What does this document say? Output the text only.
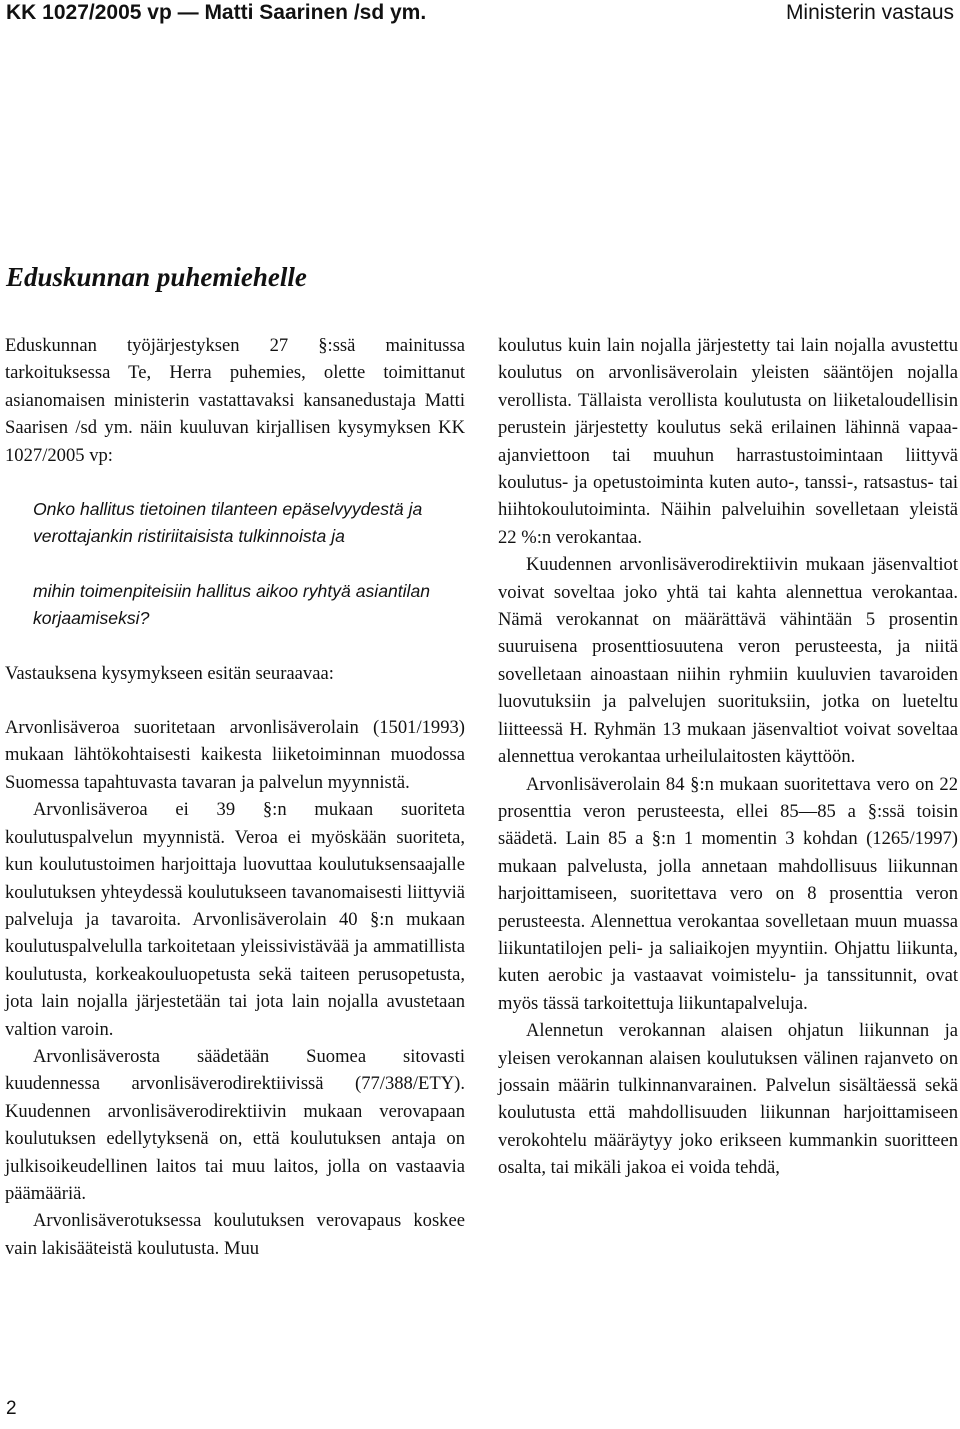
KK 1027/2005 vp — Matti Saarinen /sd ym.	Ministerin vastaus
Eduskunnan puhemiehelle

Eduskunnan työjärjestyksen 27 §:ssä mainitussa tarkoituksessa Te, Herra puhemies, olette toimittanut asianomaisen ministerin vastattavaksi kansanedustaja Matti Saarisen /sd ym. näin kuuluvan kirjallisen kysymyksen KK 1027/2005 vp:

Onko hallitus tietoinen tilanteen epäselvyydestä ja verottajankin ristiriitaisista tulkinnoista ja

mihin toimenpiteisiin hallitus aikoo ryhtyä asiantilan korjaamiseksi?

Vastauksena kysymykseen esitän seuraavaa:

Arvonlisäveroa suoritetaan arvonlisäverolain (1501/1993) mukaan lähtökohtaisesti kaikesta liiketoiminnan muodossa Suomessa tapahtuvasta tavaran ja palvelun myynnistä.

Arvonlisäveroa ei 39 §:n mukaan suoriteta koulutuspalvelun myynnistä. Veroa ei myöskään suoriteta, kun koulutustoimen harjoittaja luovuttaa koulutuksensaajalle koulutuksen yhteydessä koulutukseen tavanomaisesti liittyviä palveluja ja tavaroita. Arvonlisäverolain 40 §:n mukaan koulutuspalvelulla tarkoitetaan yleissivistävää ja ammatillista koulutusta, korkeakouluopetusta sekä taiteen perusopetusta, jota lain nojalla järjestetään tai jota lain nojalla avustetaan valtion varoin.

Arvonlisäverosta säädetään Suomea sitovasti kuudennessa arvonlisäverodirektiivissä (77/388/ETY). Kuudennen arvonlisäverodirektiivin mukaan verovapaan koulutuksen edellytyksenä on, että koulutuksen antaja on julkisoikeudellinen laitos tai muu laitos, jolla on vastaavia päämääriä.

Arvonlisäverotuksessa koulutuksen verovapaus koskee vain lakisääteistä koulutusta. Muu

koulutus kuin lain nojalla järjestetty tai lain nojalla avustettu koulutus on arvonlisäverolain yleisten sääntöjen nojalla verollista. Tällaista verollista koulutusta on liiketaloudellisin perustein järjestetty koulutus sekä erilainen lähinnä vapaa-ajanviettoon tai muuhun harrastustoimintaan liittyvä koulutus- ja opetustoiminta kuten auto-, tanssi-, ratsastus- tai hiihtokoulutoiminta. Näihin palveluihin sovelletaan yleistä 22 %:n verokantaa.

Kuudennen arvonlisäverodirektiivin mukaan jäsenvaltiot voivat soveltaa joko yhtä tai kahta alennettua verokantaa. Nämä verokannat on määrättävä vähintään 5 prosentin suuruisena prosenttiosuutena veron perusteesta, ja niitä sovelletaan ainoastaan niihin ryhmiin kuuluvien tavaroiden luovutuksiin ja palvelujen suorituksiin, jotka on lueteltu liitteessä H. Ryhmän 13 mukaan jäsenvaltiot voivat soveltaa alennettua verokantaa urheilulaitosten käyttöön.

Arvonlisäverolain 84 §:n mukaan suoritettava vero on 22 prosenttia veron perusteesta, ellei 85—85 a §:ssä toisin säädetä. Lain 85 a §:n 1 momentin 3 kohdan (1265/1997) mukaan palvelusta, jolla annetaan mahdollisuus liikunnan harjoittamiseen, suoritettava vero on 8 prosenttia veron perusteesta. Alennettua verokantaa sovelletaan muun muassa liikuntatilojen peli- ja saliaikojen myyntiin. Ohjattu liikunta, kuten aerobic ja vastaavat voimistelu- ja tanssitunnit, ovat myös tässä tarkoitettuja liikuntapalveluja.

Alennetun verokannan alaisen ohjatun liikunnan ja yleisen verokannan alaisen koulutuksen välinen rajanveto on jossain määrin tulkinnanvarainen. Palvelun sisältäessä sekä koulutusta että mahdollisuuden liikunnan harjoittamiseen verokohtelu määräytyy joko erikseen kummankin suoritteen osalta, tai mikäli jakoa ei voida tehdä,

2
